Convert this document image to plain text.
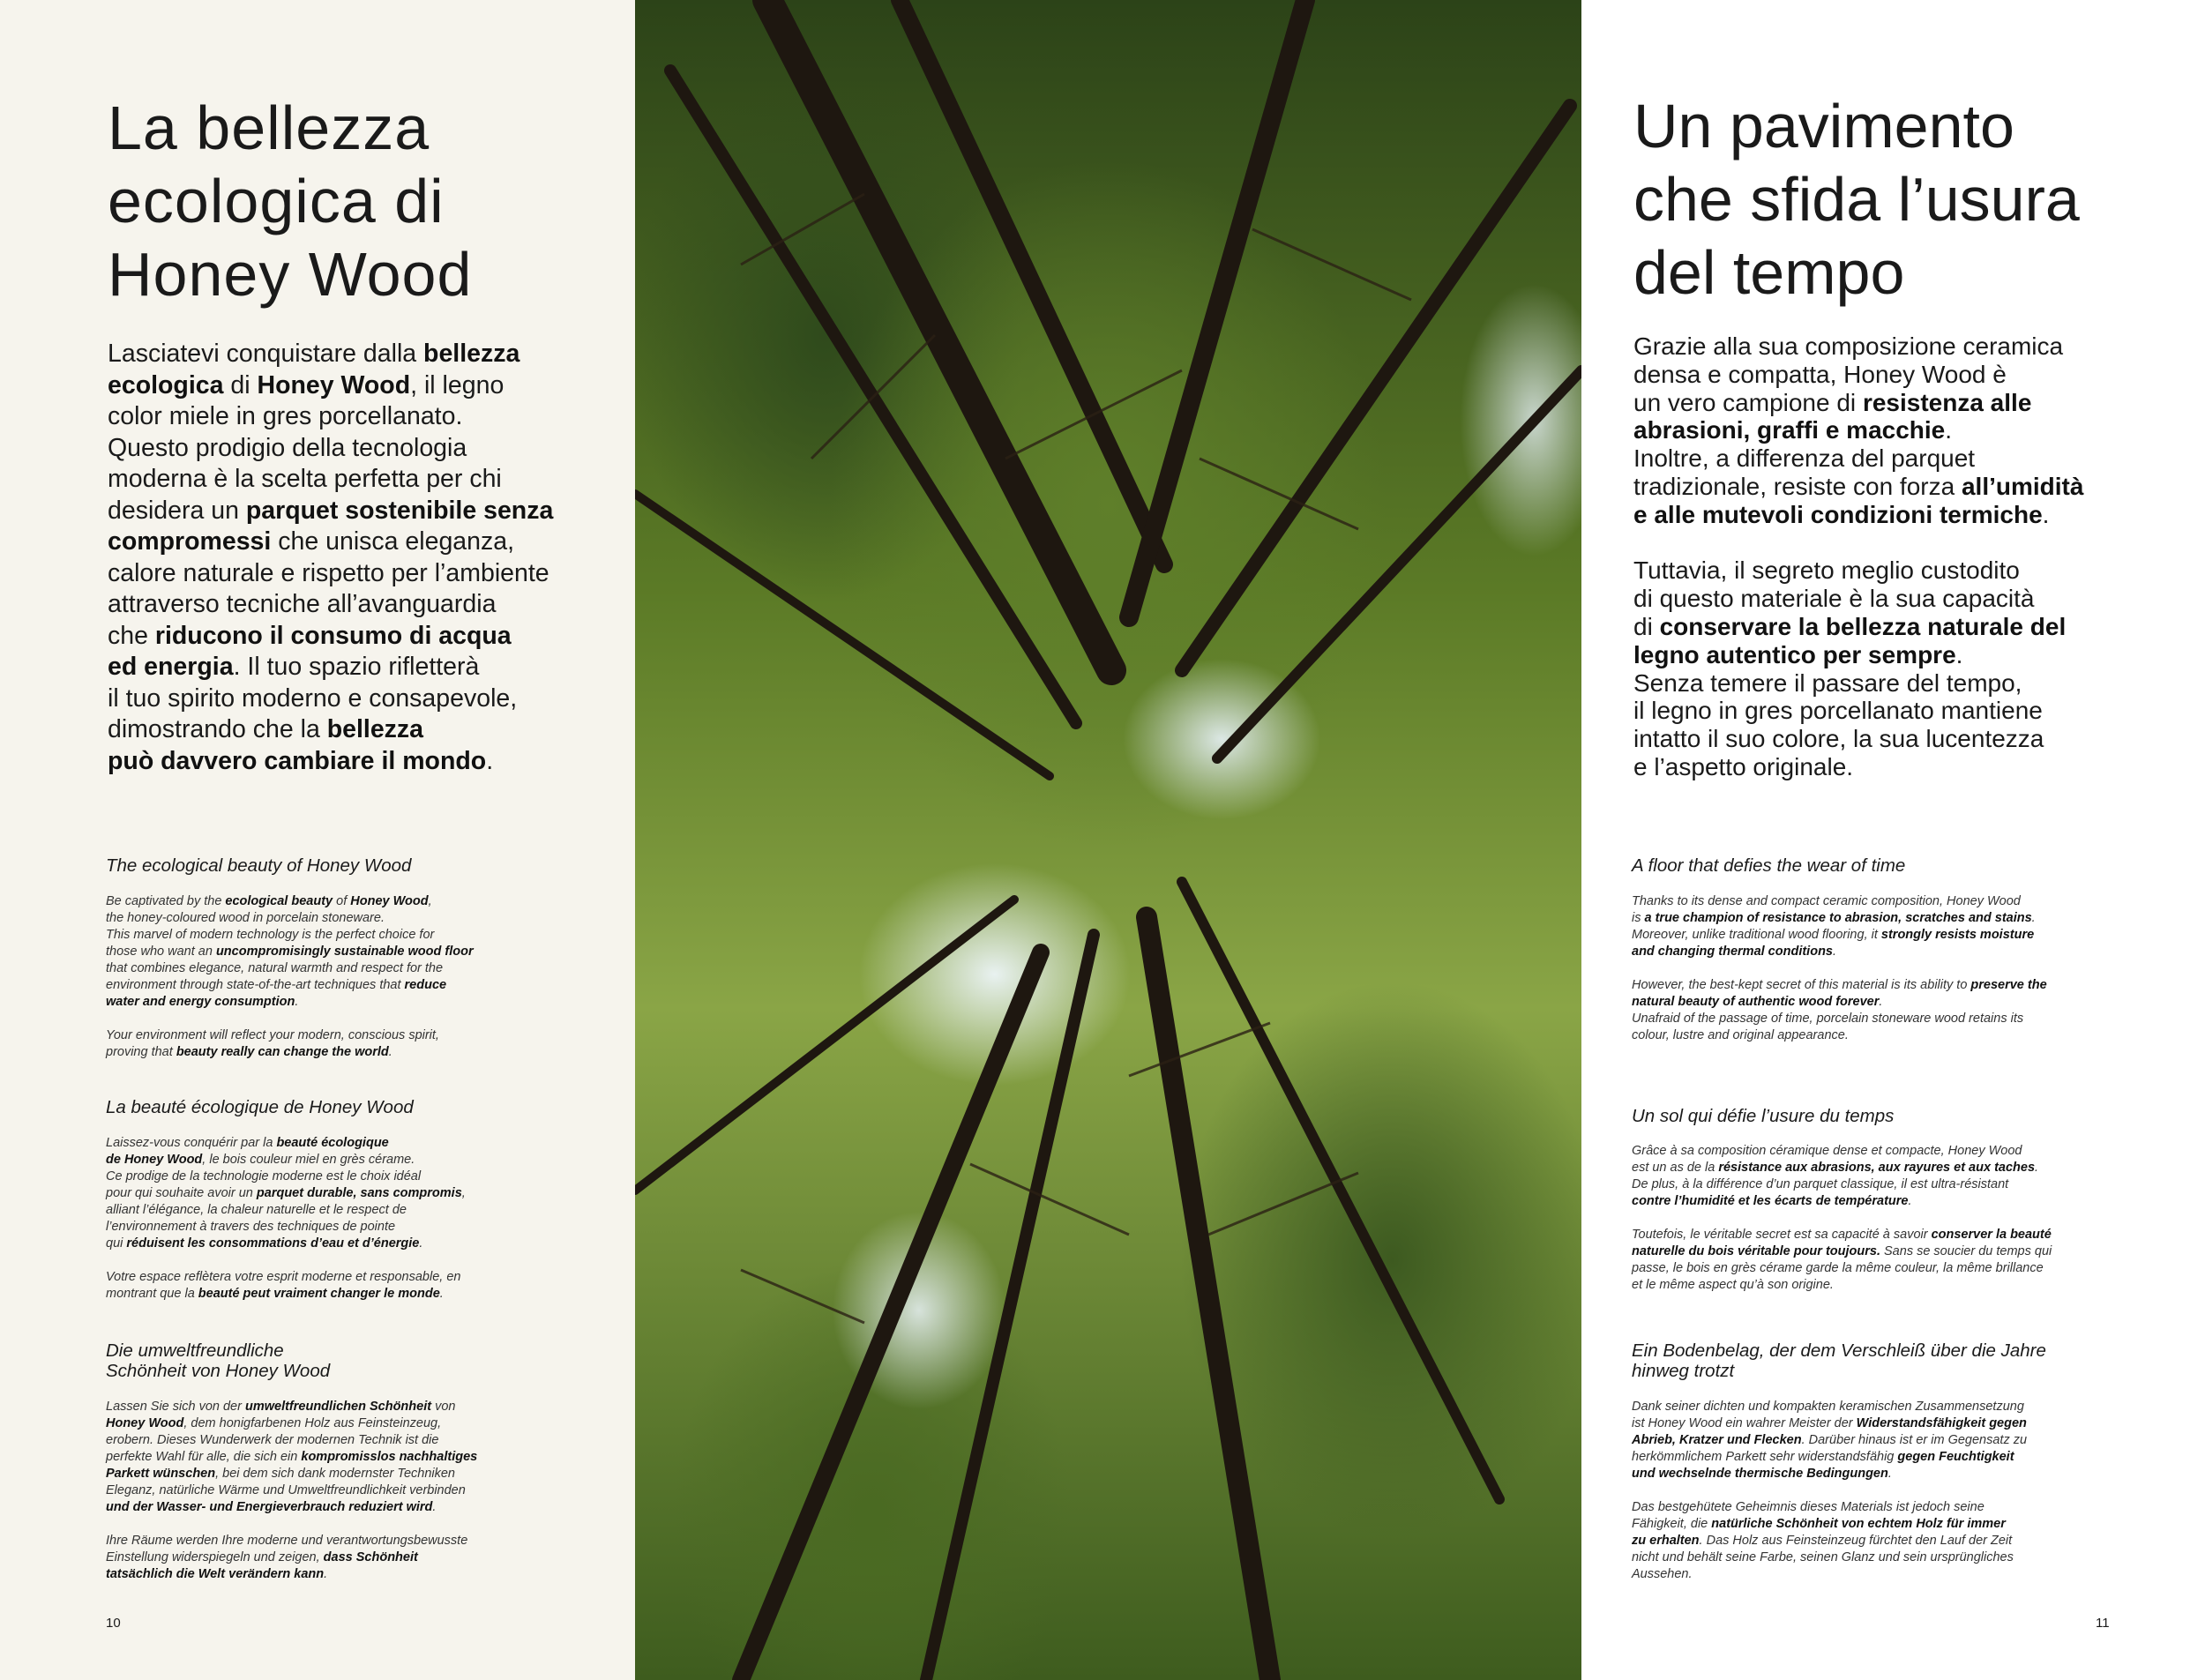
La bellezza
ecologica di
Honey Wood
Lasciatevi conquistare dalla bellezza
ecologica di Honey Wood, il legno
color miele in gres porcellanato.
Questo prodigio della tecnologia
moderna è la scelta perfetta per chi
desidera un parquet sostenibile senza
compromessi che unisca eleganza,
calore naturale e rispetto per l’ambiente
attraverso tecniche all’avanguardia
che riducono il consumo di acqua
ed energia. Il tuo spazio rifletterà
il tuo spirito moderno e consapevole,
dimostrando che la bellezza
può davvero cambiare il mondo.
The ecological beauty of Honey Wood
Be captivated by the ecological beauty of Honey Wood,
the honey-coloured wood in porcelain stoneware.
This marvel of modern technology is the perfect choice for
those who want an uncompromisingly sustainable wood floor
that combines elegance, natural warmth and respect for the
environment through state-of-the-art techniques that reduce
water and energy consumption.

Your environment will reflect your modern, conscious spirit,
proving that beauty really can change the world.
La beauté écologique de Honey Wood
Laissez-vous conquérir par la beauté écologique
de Honey Wood, le bois couleur miel en grès cérame.
Ce prodige de la technologie moderne est le choix idéal
pour qui souhaite avoir un parquet durable, sans compromis,
alliant l’élégance, la chaleur naturelle et le respect de
l’environnement à travers des techniques de pointe
qui réduisent les consommations d’eau et d’énergie.

Votre espace reflètera votre esprit moderne et responsable, en
montrant que la beauté peut vraiment changer le monde.
Die umweltfreundliche
Schönheit von Honey Wood
Lassen Sie sich von der umweltfreundlichen Schönheit von
Honey Wood, dem honigfarbenen Holz aus Feinsteinzeug,
erobern. Dieses Wunderwerk der modernen Technik ist die
perfekte Wahl für alle, die sich ein kompromisslos nachhaltiges
Parkett wünschen, bei dem sich dank modernster Techniken
Eleganz, natürliche Wärme und Umweltfreundlichkeit verbinden
und der Wasser- und Energieverbrauch reduziert wird.

Ihre Räume werden Ihre moderne und verantwortungsbewusste
Einstellung widerspiegeln und zeigen, dass Schönheit
tatsächlich die Welt verändern kann.
10
Un pavimento
che sfida l’usura
del tempo
Grazie alla sua composizione ceramica
densa e compatta, Honey Wood è
un vero campione di resistenza alle
abrasioni, graffi e macchie.
Inoltre, a differenza del parquet
tradizionale, resiste con forza all’umidità
e alle mutevoli condizioni termiche.

Tuttavia, il segreto meglio custodito
di questo materiale è la sua capacità
di conservare la bellezza naturale del
legno autentico per sempre.
Senza temere il passare del tempo,
il legno in gres porcellanato mantiene
intatto il suo colore, la sua lucentezza
e l’aspetto originale.
A floor that defies the wear of time
Thanks to its dense and compact ceramic composition, Honey Wood
is a true champion of resistance to abrasion, scratches and stains.
Moreover, unlike traditional wood flooring, it strongly resists moisture
and changing thermal conditions.

However, the best-kept secret of this material is its ability to preserve the
natural beauty of authentic wood forever.
Unafraid of the passage of time, porcelain stoneware wood retains its
colour, lustre and original appearance.
Un sol qui défie l’usure du temps
Grâce à sa composition céramique dense et compacte, Honey Wood
est un as de la résistance aux abrasions, aux rayures et aux taches.
De plus, à la différence d’un parquet classique, il est ultra-résistant
contre l’humidité et les écarts de température.

Toutefois, le véritable secret est sa capacité à savoir conserver la beauté
naturelle du bois véritable pour toujours. Sans se soucier du temps qui
passe, le bois en grès cérame garde la même couleur, la même brillance
et le même aspect qu’à son origine.
Ein Bodenbelag, der dem Verschleiß über die Jahre
hinweg trotzt
Dank seiner dichten und kompakten keramischen Zusammensetzung
ist Honey Wood ein wahrer Meister der Widerstandsfähigkeit gegen
Abrieb, Kratzer und Flecken. Darüber hinaus ist er im Gegensatz zu
herkömmlichem Parkett sehr widerstandsfähig gegen Feuchtigkeit
und wechselnde thermische Bedingungen.

Das bestgehütete Geheimnis dieses Materials ist jedoch seine
Fähigkeit, die natürliche Schönheit von echtem Holz für immer
zu erhalten. Das Holz aus Feinsteinzeug fürchtet den Lauf der Zeit
nicht und behält seine Farbe, seinen Glanz und sein ursprüngliches
Aussehen.
11
